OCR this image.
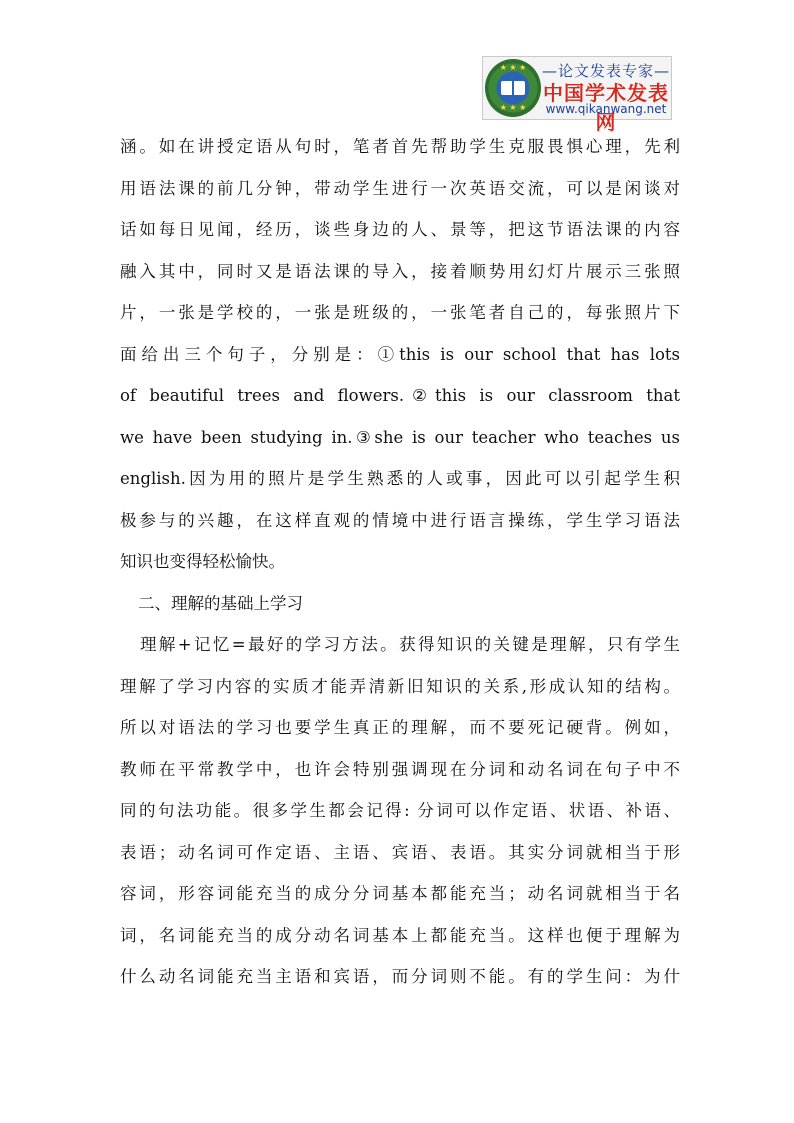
★ ★ ★
★ ★ ★
—论文发表专家—
中国学术发表网
www.qikanwang.net
涵。如在讲授定语从句时，笔者首先帮助学生克服畏惧心理，先利
用语法课的前几分钟，带动学生进行一次英语交流，可以是闲谈对
话如每日见闻，经历，谈些身边的人、景等，把这节语法课的内容
融入其中，同时又是语法课的导入，接着顺势用幻灯片展示三张照
片，一张是学校的，一张是班级的，一张笔者自己的，每张照片下
面给出三个句子，分别是：①this is our school that has lots
of beautiful trees and flowers.②this is our classroom that
we have been studying in.③she is our teacher who teaches us
english.因为用的照片是学生熟悉的人或事，因此可以引起学生积
极参与的兴趣，在这样直观的情境中进行语言操练，学生学习语法
知识也变得轻松愉快。
二、理解的基础上学习
理解+记忆=最好的学习方法。获得知识的关键是理解，只有学生
理解了学习内容的实质才能弄清新旧知识的关系,形成认知的结构。
所以对语法的学习也要学生真正的理解，而不要死记硬背。例如，
教师在平常教学中，也许会特别强调现在分词和动名词在句子中不
同的句法功能。很多学生都会记得: 分词可以作定语、状语、补语、
表语；动名词可作定语、主语、宾语、表语。其实分词就相当于形
容词，形容词能充当的成分分词基本都能充当；动名词就相当于名
词，名词能充当的成分动名词基本上都能充当。这样也便于理解为
什么动名词能充当主语和宾语，而分词则不能。有的学生问：为什
